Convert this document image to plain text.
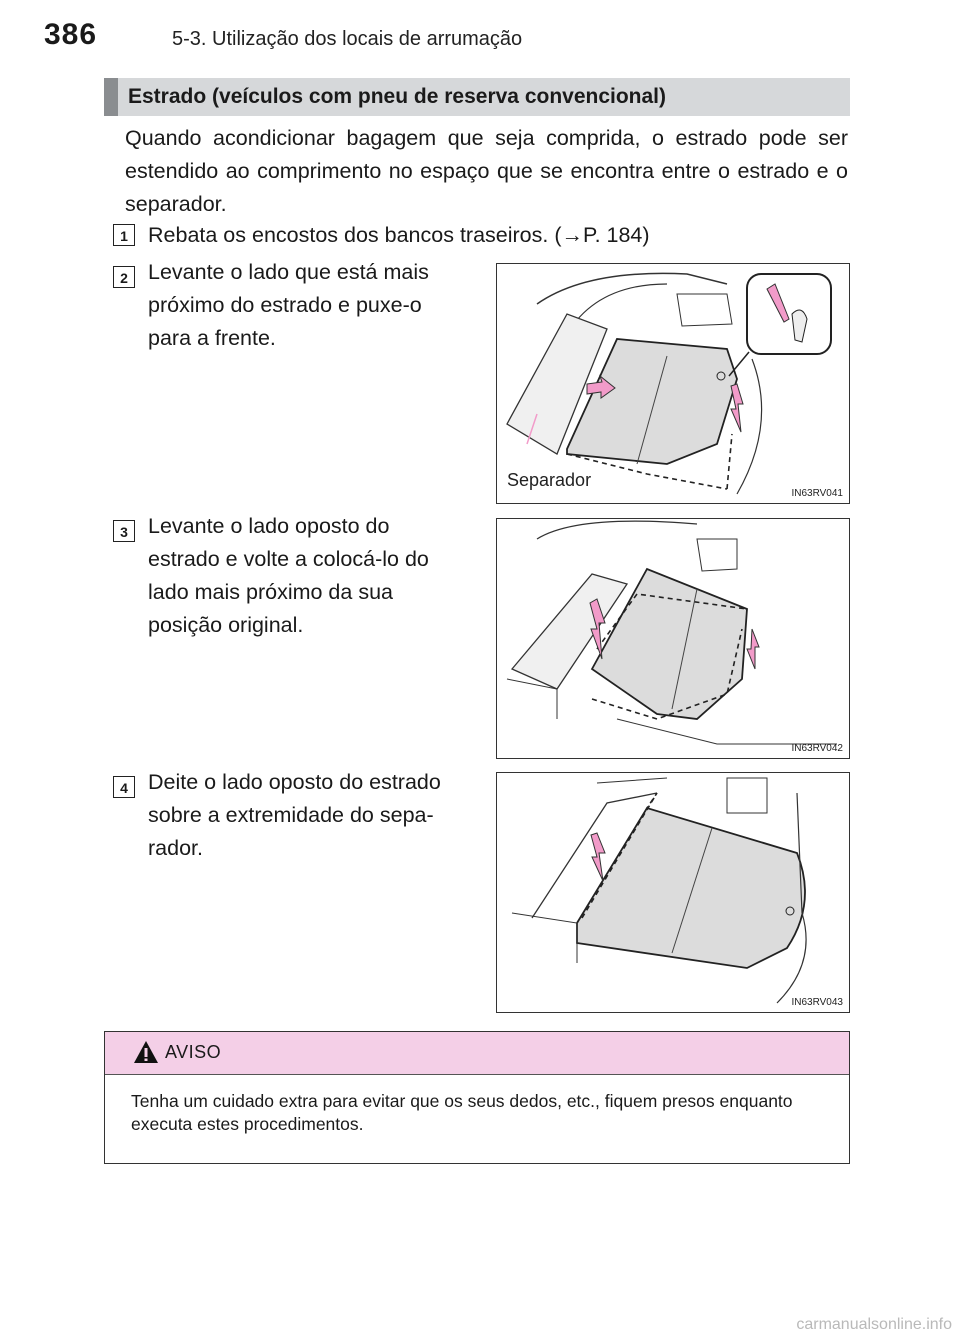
386	5-3. Utilização dos locais de arrumação
Estrado (veículos com pneu de reserva convencional)
Quando acondicionar bagagem que seja comprida, o estrado pode ser estendido ao comprimento no espaço que se encontra entre o estrado e o separador.
1 Rebata os encostos dos bancos traseiros. (→P. 184)
2 Levante o lado que está mais
próximo do estrado e puxe-o
para a frente.
Separador
IN63RV041
3 Levante o lado oposto do
estrado e volte a colocá-lo do
lado mais próximo da sua
posição original.
IN63RV042
4 Deite o lado oposto do estrado
sobre a extremidade do sepa-
rador.
IN63RV043
AVISO
Tenha um cuidado extra para evitar que os seus dedos, etc., fiquem presos enquanto executa estes procedimentos.
carmanualsonline.info
